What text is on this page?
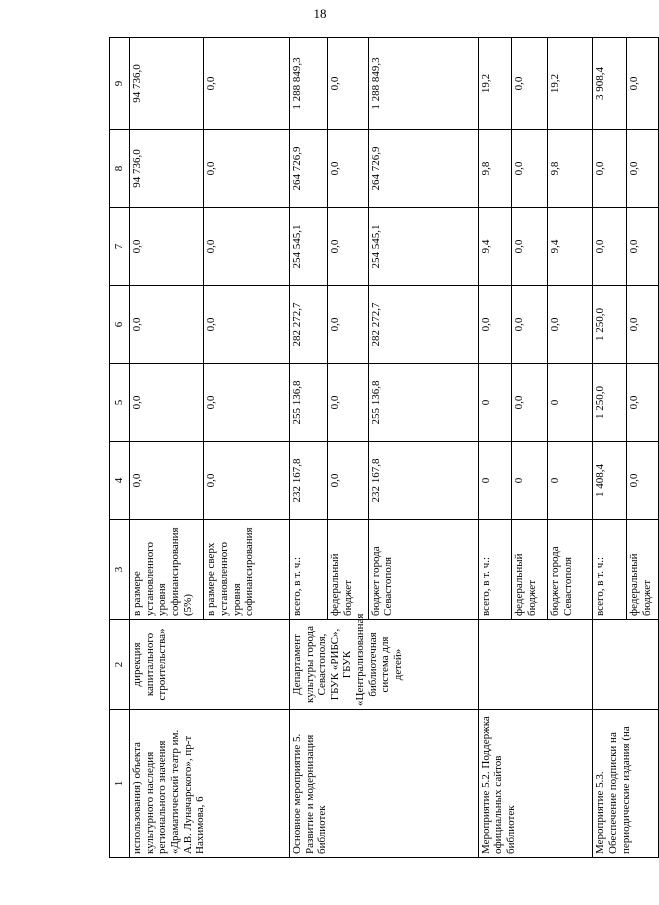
18
1	2	3	4	5	6	7	8	9
использования) объекта культурного наследия регионального значения «Драматический театр им. А.В. Луначарского», пр-т Нахимова, 6	дирекция капитального строительства»	в размере установленного уровня софинансирования (5%)	0,0	0,0	0,0	0,0	94 736,0	94 736,0
		в размере сверх установленного уровня софинансирования	0,0	0,0	0,0	0,0	0,0	0,0
Основное мероприятие 5. Развитие и модернизация библиотек	Департамент культуры города Севастополя, ГБУК «РИБС», ГБУК «Централизованная библиотечная система для детей»	всего, в т. ч.:	232 167,8	255 136,8	282 272,7	254 545,1	264 726,9	1 288 849,3
		федеральный бюджет	0,0	0,0	0,0	0,0	0,0	0,0
		бюджет города Севастополя	232 167,8	255 136,8	282 272,7	254 545,1	264 726,9	1 288 849,3
Мероприятие 5.2. Поддержка официальных сайтов библиотек		всего, в т. ч.:	0	0	0,0	9,4	9,8	19,2
		федеральный бюджет	0	0,0	0,0	0,0	0,0	0,0
		бюджет города Севастополя	0	0	0,0	9,4	9,8	19,2
Мероприятие 5.3. Обеспечение подписки на периодические издания (на		всего, в т. ч.:	1 408,4	1 250,0	1 250,0	0,0	0,0	3 908,4
		федеральный бюджет	0,0	0,0	0,0	0,0	0,0	0,0
